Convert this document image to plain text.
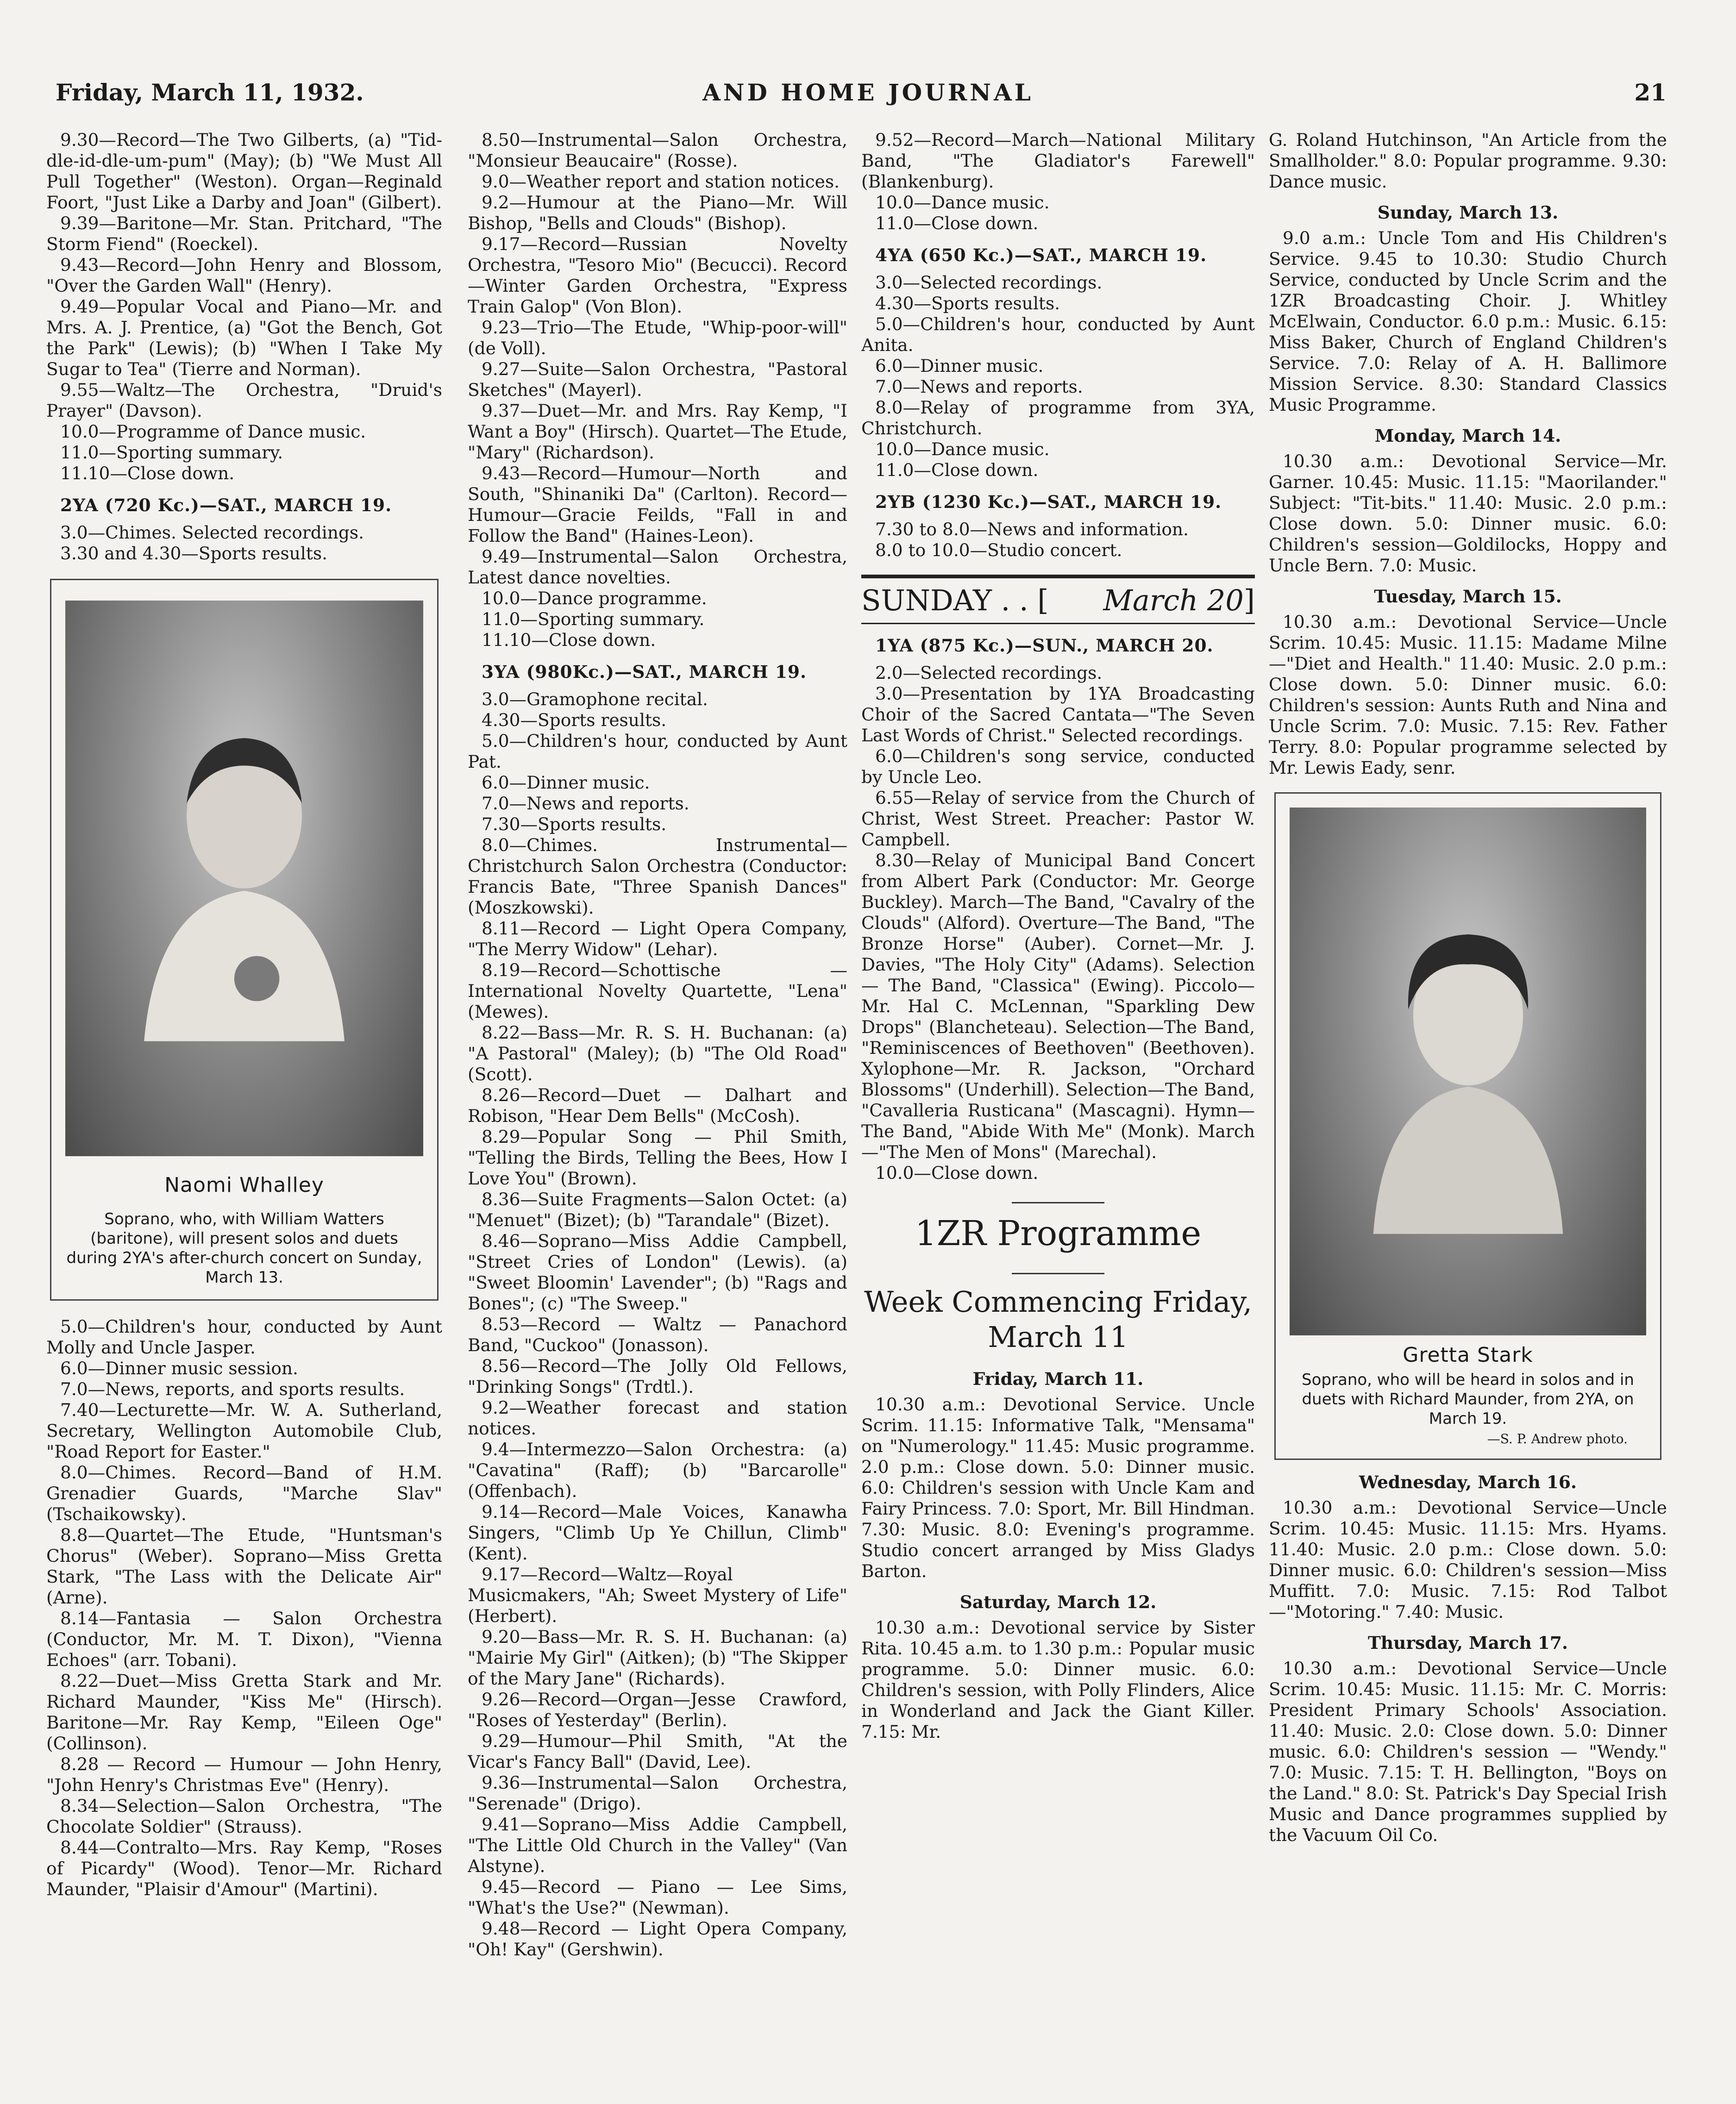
Friday, March 11, 1932.	AND HOME JOURNAL	21

9.30—Record—The Two Gilberts, (a) "Tid-dle-id-dle-um-pum" (May); (b) "We Must All Pull Together" (Weston). Organ—Reginald Foort, "Just Like a Darby and Joan" (Gilbert).

9.39—Baritone—Mr. Stan. Pritchard, "The Storm Fiend" (Roeckel).

9.43—Record—John Henry and Blossom, "Over the Garden Wall" (Henry).

9.49—Popular Vocal and Piano—Mr. and Mrs. A. J. Prentice, (a) "Got the Bench, Got the Park" (Lewis); (b) "When I Take My Sugar to Tea" (Tierre and Norman).

9.55—Waltz—The Orchestra, "Druid's Prayer" (Davson).

10.0—Programme of Dance music.

11.0—Sporting summary.

11.10—Close down.

2YA (720 Kc.)—SAT., MARCH 19.

3.0—Chimes. Selected recordings.

3.30 and 4.30—Sports results.

Naomi Whalley
Soprano, who, with William Watters (baritone), will present solos and duets during 2YA's after-church concert on Sunday, March 13.

5.0—Children's hour, conducted by Aunt Molly and Uncle Jasper.

6.0—Dinner music session.

7.0—News, reports, and sports results.

7.40—Lecturette—Mr. W. A. Sutherland, Secretary, Wellington Automobile Club, "Road Report for Easter."

8.0—Chimes. Record—Band of H.M. Grenadier Guards, "Marche Slav" (Tschaikowsky).

8.8—Quartet—The Etude, "Huntsman's Chorus" (Weber). Soprano—Miss Gretta Stark, "The Lass with the Delicate Air" (Arne).

8.14—Fantasia — Salon Orchestra (Conductor, Mr. M. T. Dixon), "Vienna Echoes" (arr. Tobani).

8.22—Duet—Miss Gretta Stark and Mr. Richard Maunder, "Kiss Me" (Hirsch). Baritone—Mr. Ray Kemp, "Eileen Oge" (Collinson).

8.28 — Record — Humour — John Henry, "John Henry's Christmas Eve" (Henry).

8.34—Selection—Salon Orchestra, "The Chocolate Soldier" (Strauss).

8.44—Contralto—Mrs. Ray Kemp, "Roses of Picardy" (Wood). Tenor—Mr. Richard Maunder, "Plaisir d'Amour" (Martini).

8.50—Instrumental—Salon Orchestra, "Monsieur Beaucaire" (Rosse).

9.0—Weather report and station notices.

9.2—Humour at the Piano—Mr. Will Bishop, "Bells and Clouds" (Bishop).

9.17—Record—Russian Novelty Orchestra, "Tesoro Mio" (Becucci). Record—Winter Garden Orchestra, "Express Train Galop" (Von Blon).

9.23—Trio—The Etude, "Whip-poor-will" (de Voll).

9.27—Suite—Salon Orchestra, "Pastoral Sketches" (Mayerl).

9.37—Duet—Mr. and Mrs. Ray Kemp, "I Want a Boy" (Hirsch). Quartet—The Etude, "Mary" (Richardson).

9.43—Record—Humour—North and South, "Shinaniki Da" (Carlton). Record—Humour—Gracie Feilds, "Fall in and Follow the Band" (Haines-Leon).

9.49—Instrumental—Salon Orchestra, Latest dance novelties.

10.0—Dance programme.

11.0—Sporting summary.

11.10—Close down.

3YA (980Kc.)—SAT., MARCH 19.

3.0—Gramophone recital.

4.30—Sports results.

5.0—Children's hour, conducted by Aunt Pat.

6.0—Dinner music.

7.0—News and reports.

7.30—Sports results.

8.0—Chimes. Instrumental—Christchurch Salon Orchestra (Conductor: Francis Bate, "Three Spanish Dances" (Moszkowski).

8.11—Record — Light Opera Company, "The Merry Widow" (Lehar).

8.19—Record—Schottische — International Novelty Quartette, "Lena" (Mewes).

8.22—Bass—Mr. R. S. H. Buchanan: (a) "A Pastoral" (Maley); (b) "The Old Road" (Scott).

8.26—Record—Duet — Dalhart and Robison, "Hear Dem Bells" (McCosh).

8.29—Popular Song — Phil Smith, "Telling the Birds, Telling the Bees, How I Love You" (Brown).

8.36—Suite Fragments—Salon Octet: (a) "Menuet" (Bizet); (b) "Tarandale" (Bizet).

8.46—Soprano—Miss Addie Campbell, "Street Cries of London" (Lewis). (a) "Sweet Bloomin' Lavender"; (b) "Rags and Bones"; (c) "The Sweep."

8.53—Record — Waltz — Panachord Band, "Cuckoo" (Jonasson).

8.56—Record—The Jolly Old Fellows, "Drinking Songs" (Trdtl.).

9.2—Weather forecast and station notices.

9.4—Intermezzo—Salon Orchestra: (a) "Cavatina" (Raff); (b) "Barcarolle" (Offenbach).

9.14—Record—Male Voices, Kanawha Singers, "Climb Up Ye Chillun, Climb" (Kent).

9.17—Record—Waltz—Royal Musicmakers, "Ah; Sweet Mystery of Life" (Herbert).

9.20—Bass—Mr. R. S. H. Buchanan: (a) "Mairie My Girl" (Aitken); (b) "The Skipper of the Mary Jane" (Richards).

9.26—Record—Organ—Jesse Crawford, "Roses of Yesterday" (Berlin).

9.29—Humour—Phil Smith, "At the Vicar's Fancy Ball" (David, Lee).

9.36—Instrumental—Salon Orchestra, "Serenade" (Drigo).

9.41—Soprano—Miss Addie Campbell, "The Little Old Church in the Valley" (Van Alstyne).

9.45—Record — Piano — Lee Sims, "What's the Use?" (Newman).

9.48—Record — Light Opera Company, "Oh! Kay" (Gershwin).

9.52—Record—March—National Military Band, "The Gladiator's Farewell" (Blankenburg).

10.0—Dance music.

11.0—Close down.

4YA (650 Kc.)—SAT., MARCH 19.

3.0—Selected recordings.

4.30—Sports results.

5.0—Children's hour, conducted by Aunt Anita.

6.0—Dinner music.

7.0—News and reports.

8.0—Relay of programme from 3YA, Christchurch.

10.0—Dance music.

11.0—Close down.

2YB (1230 Kc.)—SAT., MARCH 19.

7.30 to 8.0—News and information.

8.0 to 10.0—Studio concert.

SUNDAY . . [ March 20]
1YA (875 Kc.)—SUN., MARCH 20.

2.0—Selected recordings.

3.0—Presentation by 1YA Broadcasting Choir of the Sacred Cantata—"The Seven Last Words of Christ." Selected recordings.

6.0—Children's song service, conducted by Uncle Leo.

6.55—Relay of service from the Church of Christ, West Street. Preacher: Pastor W. Campbell.

8.30—Relay of Municipal Band Concert from Albert Park (Conductor: Mr. George Buckley). March—The Band, "Cavalry of the Clouds" (Alford). Overture—The Band, "The Bronze Horse" (Auber). Cornet—Mr. J. Davies, "The Holy City" (Adams). Selection — The Band, "Classica" (Ewing). Piccolo—Mr. Hal C. McLennan, "Sparkling Dew Drops" (Blancheteau). Selection—The Band, "Reminiscences of Beethoven" (Beethoven). Xylophone—Mr. R. Jackson, "Orchard Blossoms" (Underhill). Selection—The Band, "Cavalleria Rusticana" (Mascagni). Hymn—The Band, "Abide With Me" (Monk). March—"The Men of Mons" (Marechal).

10.0—Close down.

1ZR Programme
Week Commencing Friday, March 11
Friday, March 11.

10.30 a.m.: Devotional Service. Uncle Scrim. 11.15: Informative Talk, "Mensama" on "Numerology." 11.45: Music programme. 2.0 p.m.: Close down. 5.0: Dinner music. 6.0: Children's session with Uncle Kam and Fairy Princess. 7.0: Sport, Mr. Bill Hindman. 7.30: Music. 8.0: Evening's programme. Studio concert arranged by Miss Gladys Barton.

Saturday, March 12.

10.30 a.m.: Devotional service by Sister Rita. 10.45 a.m. to 1.30 p.m.: Popular music programme. 5.0: Dinner music. 6.0: Children's session, with Polly Flinders, Alice in Wonderland and Jack the Giant Killer. 7.15: Mr.

G. Roland Hutchinson, "An Article from the Smallholder." 8.0: Popular programme. 9.30: Dance music.

Sunday, March 13.

9.0 a.m.: Uncle Tom and His Children's Service. 9.45 to 10.30: Studio Church Service, conducted by Uncle Scrim and the 1ZR Broadcasting Choir. J. Whitley McElwain, Conductor. 6.0 p.m.: Music. 6.15: Miss Baker, Church of England Children's Service. 7.0: Relay of A. H. Ballimore Mission Service. 8.30: Standard Classics Music Programme.

Monday, March 14.

10.30 a.m.: Devotional Service—Mr. Garner. 10.45: Music. 11.15: "Maorilander." Subject: "Tit-bits." 11.40: Music. 2.0 p.m.: Close down. 5.0: Dinner music. 6.0: Children's session—Goldilocks, Hoppy and Uncle Bern. 7.0: Music.

Tuesday, March 15.

10.30 a.m.: Devotional Service—Uncle Scrim. 10.45: Music. 11.15: Madame Milne—"Diet and Health." 11.40: Music. 2.0 p.m.: Close down. 5.0: Dinner music. 6.0: Children's session: Aunts Ruth and Nina and Uncle Scrim. 7.0: Music. 7.15: Rev. Father Terry. 8.0: Popular programme selected by Mr. Lewis Eady, senr.

Gretta Stark
Soprano, who will be heard in solos and in duets with Richard Maunder, from 2YA, on March 19.
—S. P. Andrew photo.
Wednesday, March 16.

10.30 a.m.: Devotional Service—Uncle Scrim. 10.45: Music. 11.15: Mrs. Hyams. 11.40: Music. 2.0 p.m.: Close down. 5.0: Dinner music. 6.0: Children's session—Miss Muffitt. 7.0: Music. 7.15: Rod Talbot—"Motoring." 7.40: Music.

Thursday, March 17.

10.30 a.m.: Devotional Service—Uncle Scrim. 10.45: Music. 11.15: Mr. C. Morris: President Primary Schools' Association. 11.40: Music. 2.0: Close down. 5.0: Dinner music. 6.0: Children's session — "Wendy." 7.0: Music. 7.15: T. H. Bellington, "Boys on the Land." 8.0: St. Patrick's Day Special Irish Music and Dance programmes supplied by the Vacuum Oil Co.
